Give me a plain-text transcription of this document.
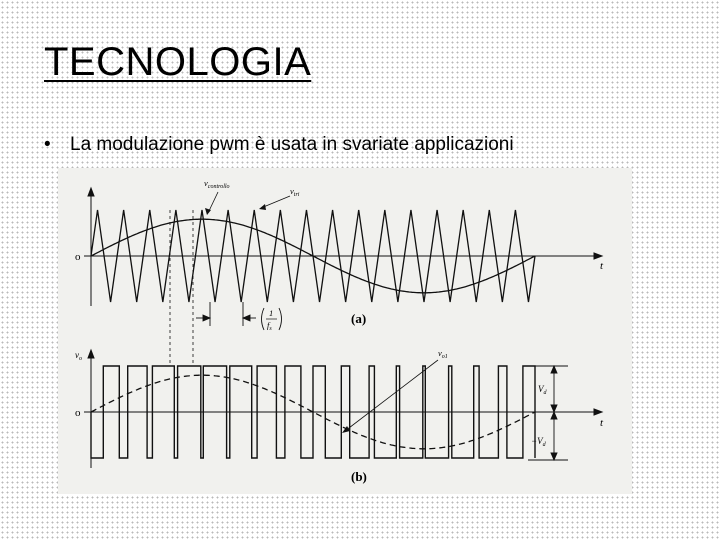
TECNOLOGIA
• La modulazione pwm è usata in svariate applicazioni
1
$f_s$
o
t
(a)
$v_{controllo}$	$v_{tri}$
$v_o$
o
t
(b)
$v_{o1}$
$V_d$
$-V_d$
